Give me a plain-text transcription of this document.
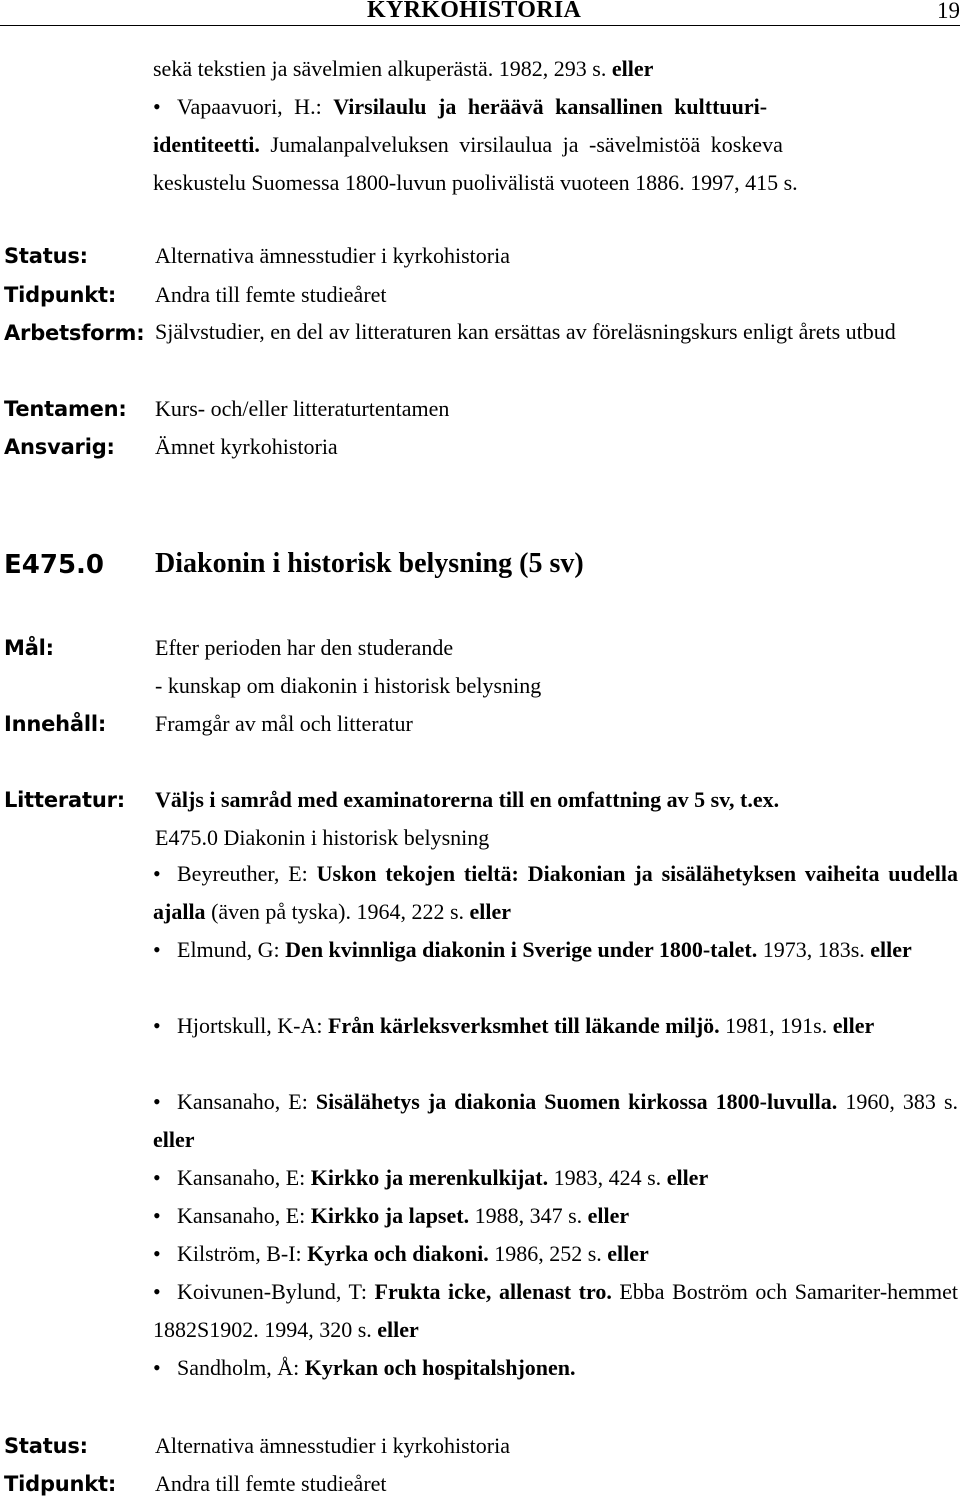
KYRKOHISTORIA	19
sekä tekstien ja sävelmien alkuperästä. 1982, 293 s. eller
• Vapaavuori, H.: Virsilaulu ja heräävä kansallinen kulttuuri-
identiteetti. Jumalanpalveluksen virsilaulua ja -sävelmistöä koskeva
keskustelu Suomessa 1800-luvun puolivälistä vuoteen 1886. 1997, 415 s.
Status:	Alternativa ämnesstudier i kyrkohistoria
Tidpunkt: Andra till femte studieåret
Arbetsform: Självstudier, en del av litteraturen kan ersättas av föreläsningskurs enligt årets utbud
Tentamen: Kurs- och/eller litteraturtentamen
Ansvarig: Ämnet kyrkohistoria
E475.0 Diakonin i historisk belysning (5 sv)
Mål:	Efter perioden har den studerande
- kunskap om diakonin i historisk belysning
Innehåll: Framgår av mål och litteratur
Litteratur: Väljs i samråd med examinatorerna till en omfattning av 5 sv, t.ex.
E475.0 Diakonin i historisk belysning
• Beyreuther, E: Uskon tekojen tieltä: Diakonian ja sisälähetyksen vaiheita uudella ajalla (även på tyska). 1964, 222 s. eller
• Elmund, G: Den kvinnliga diakonin i Sverige under 1800-talet. 1973, 183s. eller
• Hjortskull, K-A: Från kärleksverksmhet till läkande miljö. 1981, 191s. eller
• Kansanaho, E: Sisälähetys ja diakonia Suomen kirkossa 1800-luvulla. 1960, 383 s. eller
• Kansanaho, E: Kirkko ja merenkulkijat. 1983, 424 s. eller
• Kansanaho, E: Kirkko ja lapset. 1988, 347 s. eller
• Kilström, B-I: Kyrka och diakoni. 1986, 252 s. eller
• Koivunen-Bylund, T: Frukta icke, allenast tro. Ebba Boström och Samariter-hemmet 1882S1902. 1994, 320 s. eller
• Sandholm, Å: Kyrkan och hospitalshjonen.
Status:	Alternativa ämnesstudier i kyrkohistoria
Tidpunkt: Andra till femte studieåret
